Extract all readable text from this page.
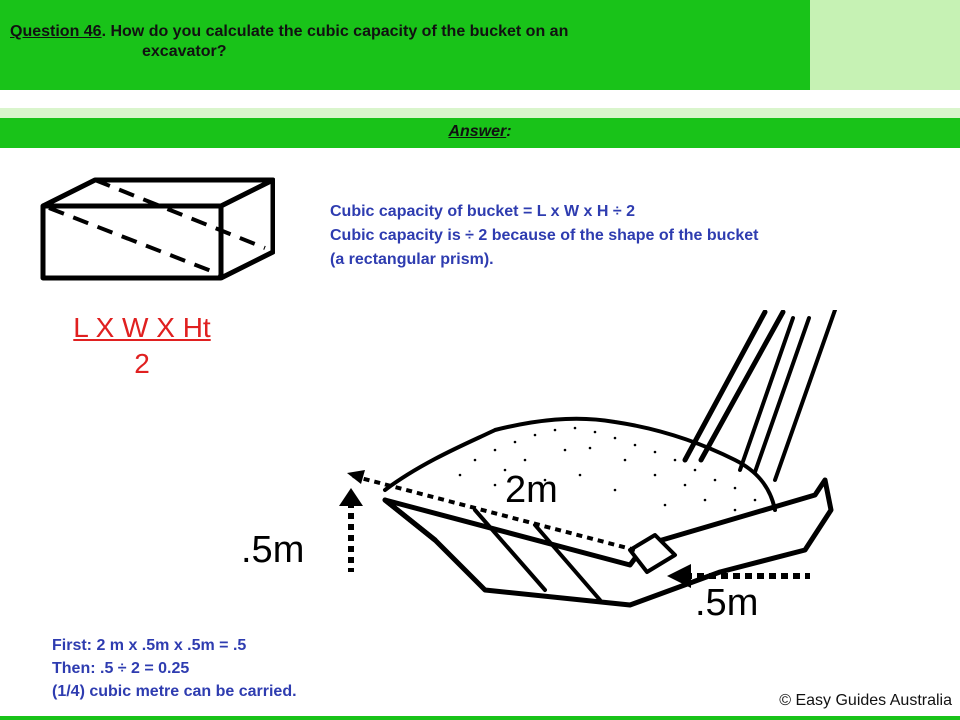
Question 46. How do you calculate the cubic capacity of the bucket on an
excavator?
Answer:
Cubic capacity of bucket = L x W x H ÷ 2
Cubic capacity is ÷ 2 because of the shape of the bucket
(a rectangular prism).
$\frac{\text{L X W X Ht}}{2}$
2m
.5m
.5m
First: 2 m x .5m x .5m = .5
Then: .5 ÷ 2 = 0.25
(1/4) cubic metre can be carried.
© Easy Guides Australia
